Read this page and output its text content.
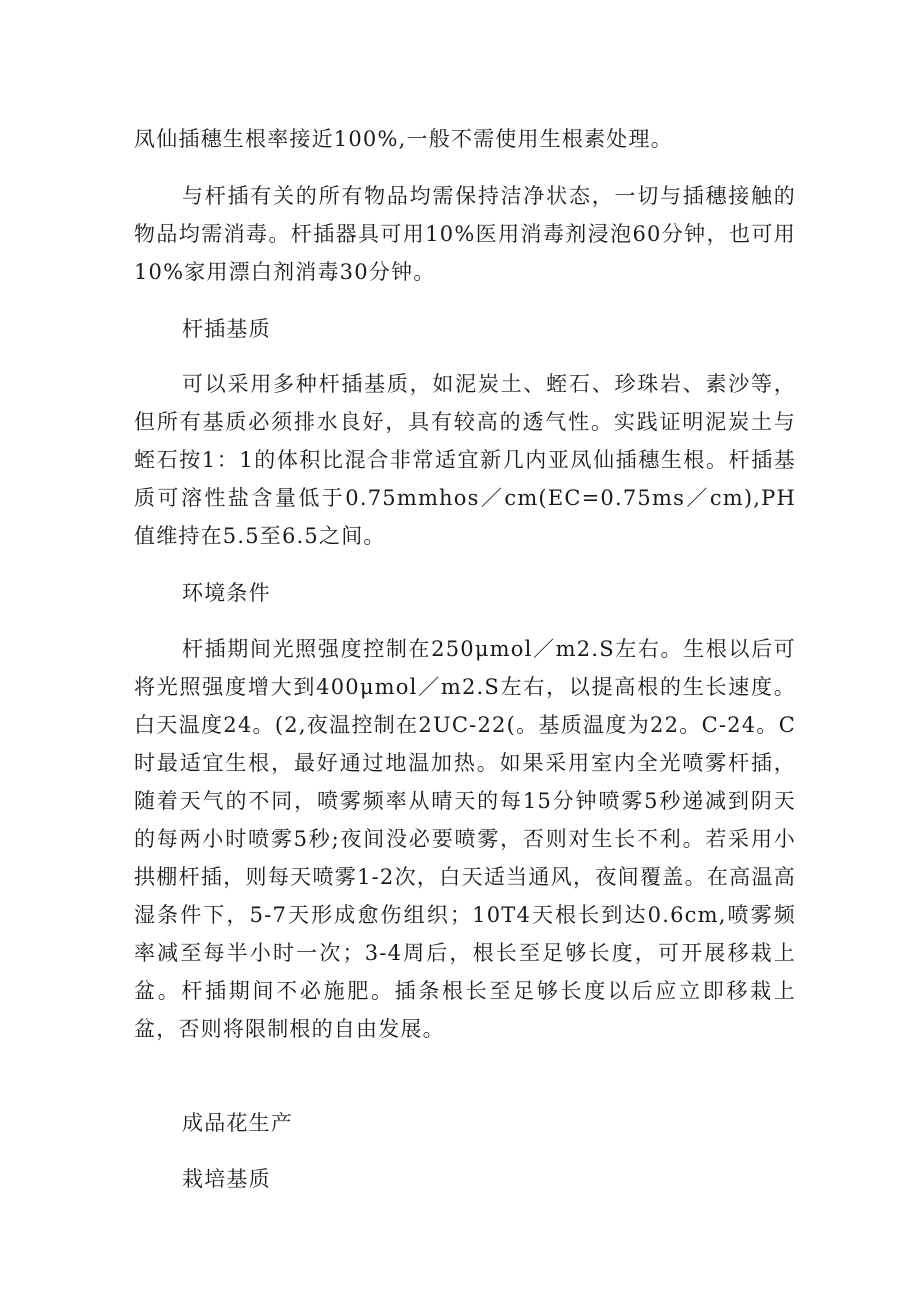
凤仙插穗生根率接近100%,一般不需使用生根素处理。

与杆插有关的所有物品均需保持洁净状态，一切与插穗接触的物品均需消毒。杆插器具可用10%医用消毒剂浸泡60分钟，也可用10%家用漂白剂消毒30分钟。

杆插基质

可以采用多种杆插基质，如泥炭土、蛭石、珍珠岩、素沙等，但所有基质必须排水良好，具有较高的透气性。实践证明泥炭土与蛭石按1：1的体积比混合非常适宜新几内亚凤仙插穗生根。杆插基质可溶性盐含量低于0.75mmhos／cm(EC=0.75ms／cm),PH值维持在5.5至6.5之间。

环境条件

杆插期间光照强度控制在250μmol／m2.S左右。生根以后可将光照强度增大到400μmol／m2.S左右，以提高根的生长速度。白天温度24。(2,夜温控制在2UC-22(。基质温度为22。C-24。C时最适宜生根，最好通过地温加热。如果采用室内全光喷雾杆插，随着天气的不同，喷雾频率从晴天的每15分钟喷雾5秒递减到阴天的每两小时喷雾5秒;夜间没必要喷雾，否则对生长不利。若采用小拱棚杆插，则每天喷雾1-2次，白天适当通风，夜间覆盖。在高温高湿条件下，5-7天形成愈伤组织；10T4天根长到达0.6cm,喷雾频率减至每半小时一次；3-4周后，根长至足够长度，可开展移栽上盆。杆插期间不必施肥。插条根长至足够长度以后应立即移栽上盆，否则将限制根的自由发展。

成品花生产

栽培基质
